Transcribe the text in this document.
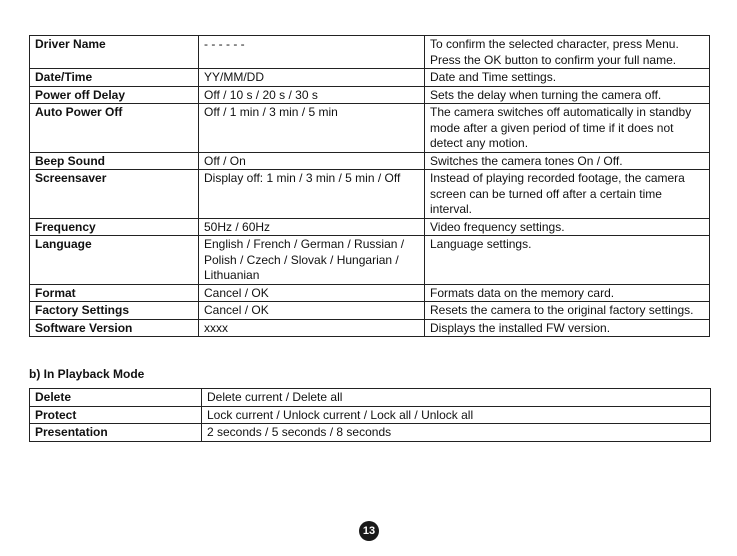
Driver Name	- - - - - -	To confirm the selected character, press Menu. Press the OK button to confirm your full name.
Date/Time	YY/MM/DD	Date and Time settings.
Power off Delay	Off / 10 s / 20 s / 30 s	Sets the delay when turning the camera off.
Auto Power Off	Off / 1 min / 3 min / 5 min	The camera switches off automatically in standby mode after a given period of time if it does not detect any motion.
Beep Sound	Off / On	Switches the camera tones On / Off.
Screensaver	Display off: 1 min / 3 min / 5 min / Off	Instead of playing recorded footage, the camera screen can be turned off after a certain time interval.
Frequency	50Hz / 60Hz	Video frequency settings.
Language	English / French / German / Russian / Polish / Czech / Slovak / Hungarian / Lithuanian	Language settings.
Format	Cancel / OK	Formats data on the memory card.
Factory Settings	Cancel / OK	Resets the camera to the original factory settings.
Software Version	xxxx	Displays the installed FW version.
b) In Playback Mode
Delete	Delete current / Delete all
Protect	Lock current / Unlock current / Lock all / Unlock all
Presentation	2 seconds / 5 seconds / 8 seconds
13
